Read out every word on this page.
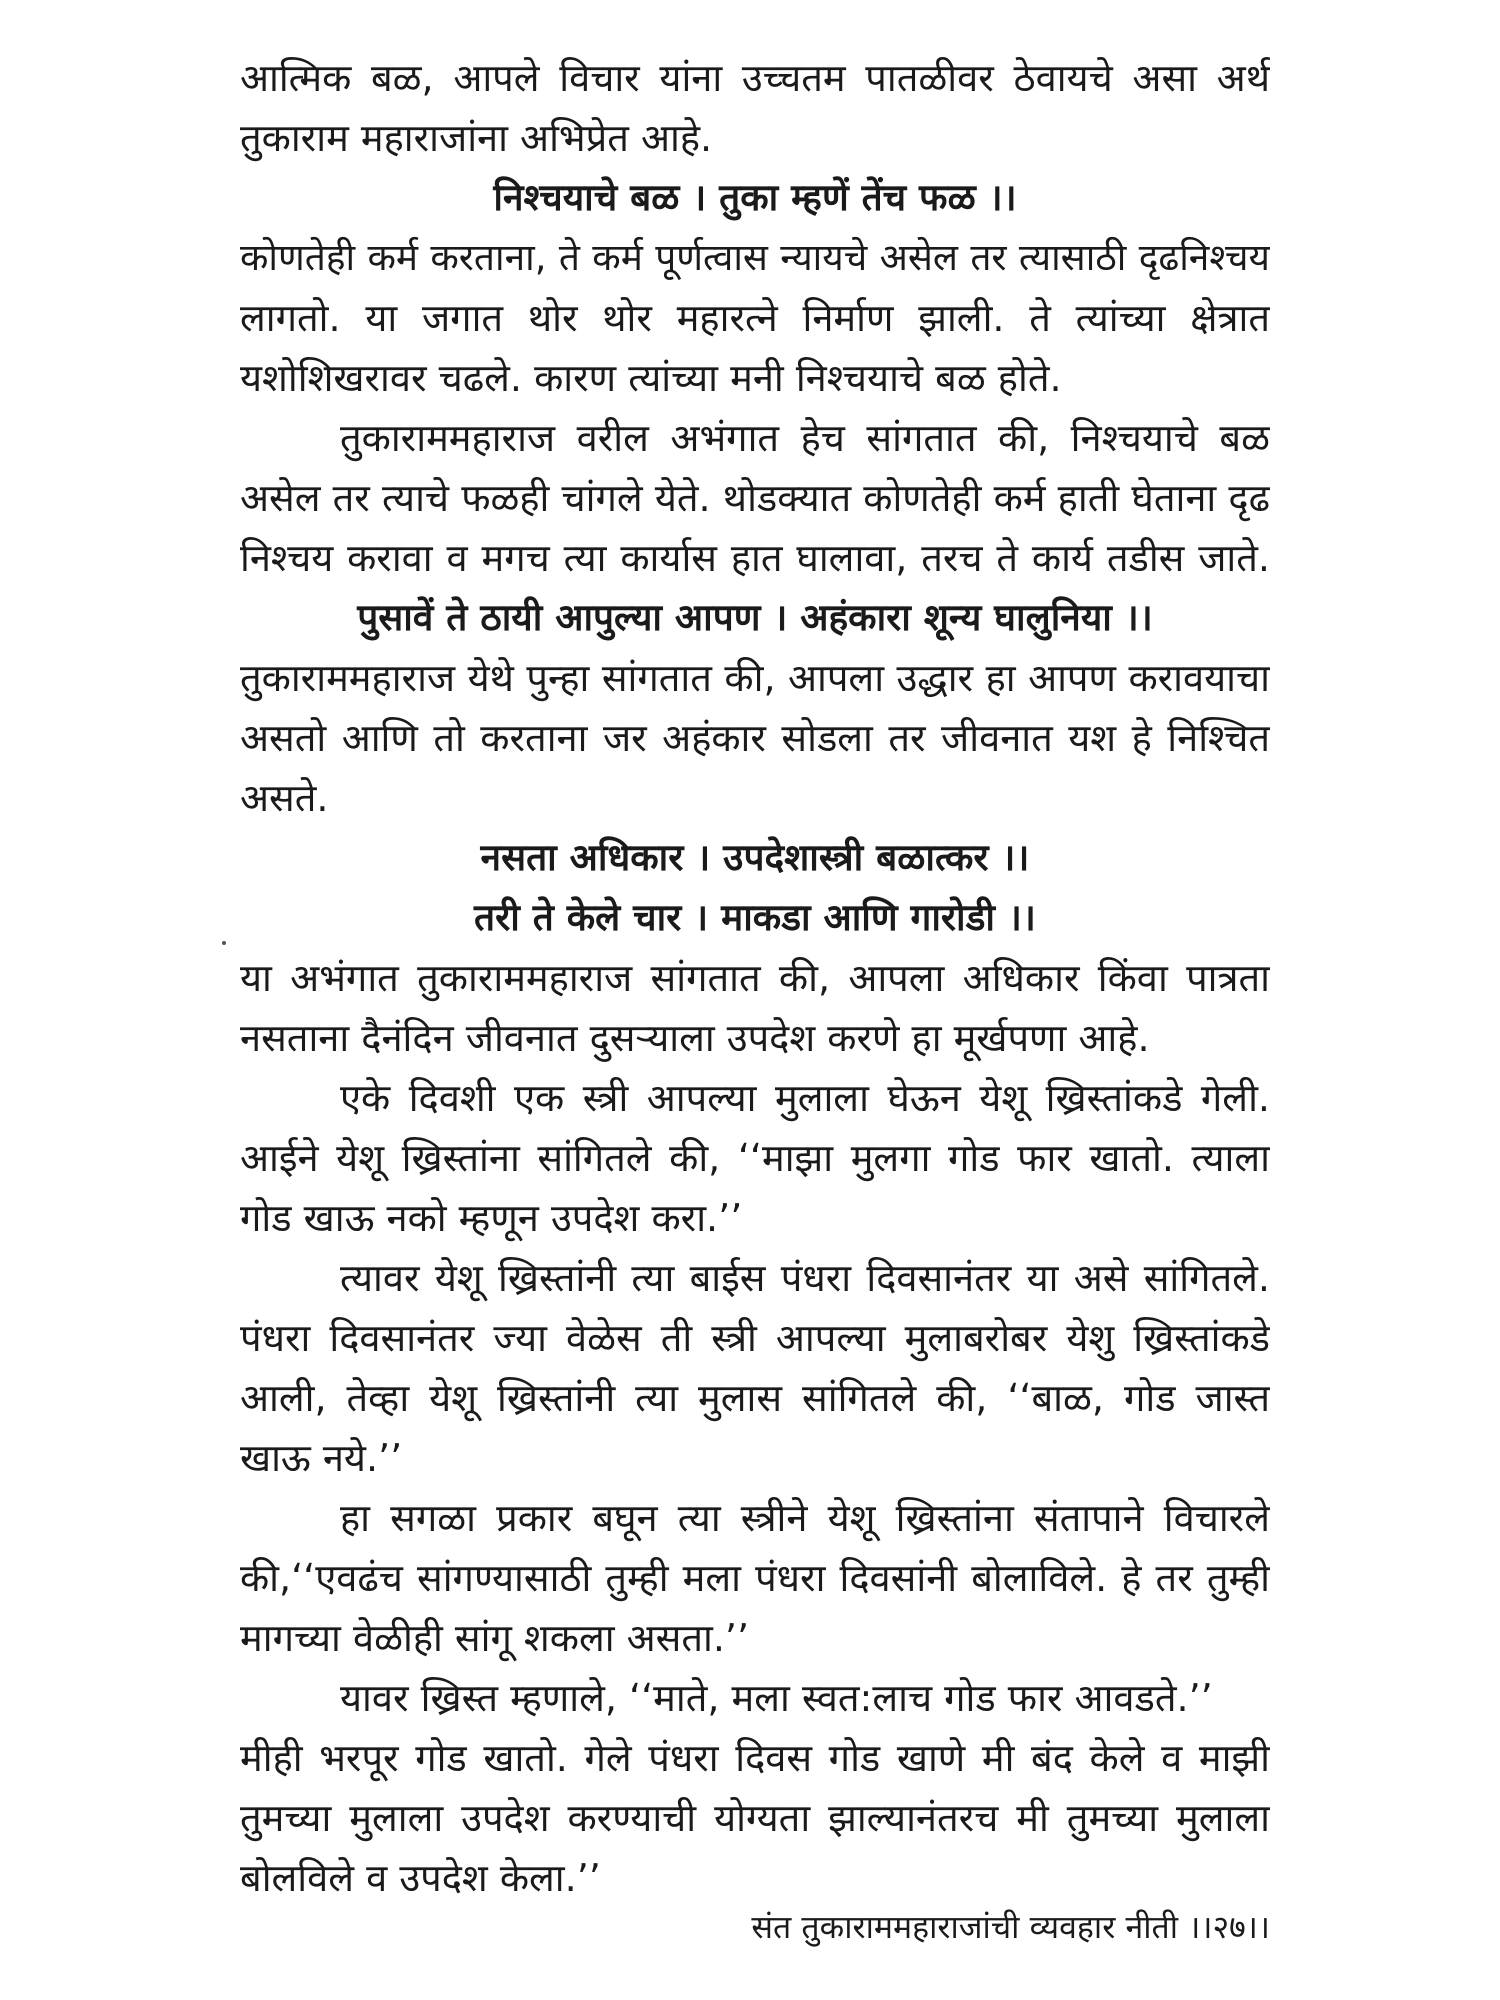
आत्मिक बळ, आपले विचार यांना उच्चतम पातळीवर ठेवायचे असा अर्थ
तुकाराम महाराजांना अभिप्रेत आहे.
निश्चयाचे बळ । तुका म्हणें तेंच फळ ।।
कोणतेही कर्म करताना, ते कर्म पूर्णत्वास न्यायचे असेल तर त्यासाठी दृढनिश्चय
लागतो. या जगात थोर थोर महारत्ने निर्माण झाली. ते त्यांच्या क्षेत्रात
यशोशिखरावर चढले. कारण त्यांच्या मनी निश्चयाचे बळ होते.
तुकाराममहाराज वरील अभंगात हेच सांगतात की, निश्चयाचे बळ
असेल तर त्याचे फळही चांगले येते. थोडक्यात कोणतेही कर्म हाती घेताना दृढ
निश्चय करावा व मगच त्या कार्यास हात घालावा, तरच ते कार्य तडीस जाते.
पुसावें ते ठायी आपुल्या आपण । अहंकारा शून्य घालुनिया ।।
तुकाराममहाराज येथे पुन्हा सांगतात की, आपला उद्धार हा आपण करावयाचा
असतो आणि तो करताना जर अहंकार सोडला तर जीवनात यश हे निश्चित
असते.
नसता अधिकार । उपदेशास्त्री बळात्कर ।।
तरी ते केले चार । माकडा आणि गारोडी ।।
या अभंगात तुकाराममहाराज सांगतात की, आपला अधिकार किंवा पात्रता
नसताना दैनंदिन जीवनात दुसऱ्याला उपदेश करणे हा मूर्खपणा आहे.
एके दिवशी एक स्त्री आपल्या मुलाला घेऊन येशू ख्रिस्तांकडे गेली.
आईने येशू ख्रिस्तांना सांगितले की, ‘‘माझा मुलगा गोड फार खातो. त्याला
गोड खाऊ नको म्हणून उपदेश करा.’’
त्यावर येशू ख्रिस्तांनी त्या बाईस पंधरा दिवसानंतर या असे सांगितले.
पंधरा दिवसानंतर ज्या वेळेस ती स्त्री आपल्या मुलाबरोबर येशु ख्रिस्तांकडे
आली, तेव्हा येशू ख्रिस्तांनी त्या मुलास सांगितले की, ‘‘बाळ, गोड जास्त
खाऊ नये.’’
हा सगळा प्रकार बघून त्या स्त्रीने येशू ख्रिस्तांना संतापाने विचारले
की,‘‘एवढंच सांगण्यासाठी तुम्ही मला पंधरा दिवसांनी बोलाविले. हे तर तुम्ही
मागच्या वेळीही सांगू शकला असता.’’
यावर ख्रिस्त म्हणाले, ‘‘माते, मला स्वत:लाच गोड फार आवडते.’’
मीही भरपूर गोड खातो. गेले पंधरा दिवस गोड खाणे मी बंद केले व माझी
तुमच्या मुलाला उपदेश करण्याची योग्यता झाल्यानंतरच मी तुमच्या मुलाला
बोलविले व उपदेश केला.’’
संत तुकाराममहाराजांची व्यवहार नीती ।।२७।।
